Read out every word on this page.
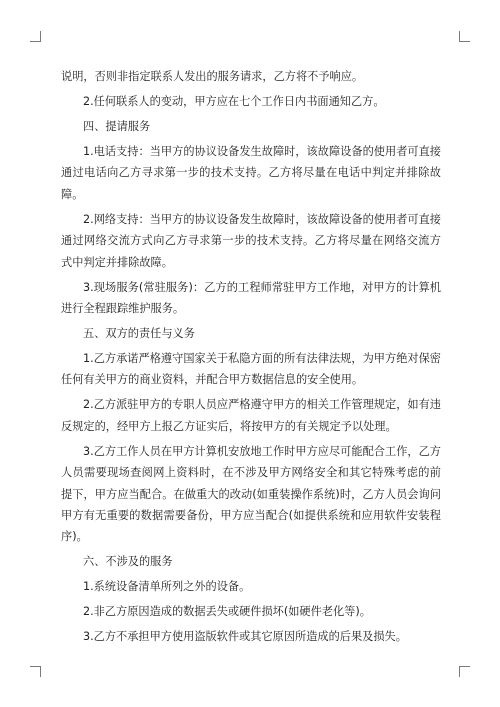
说明，否则非指定联系人发出的服务请求，乙方将不予响应。

2.任何联系人的变动，甲方应在七个工作日内书面通知乙方。

四、提请服务

1.电话支持：当甲方的协议设备发生故障时，该故障设备的使用者可直接通过电话向乙方寻求第一步的技术支持。乙方将尽量在电话中判定并排除故障。

2.网络支持：当甲方的协议设备发生故障时，该故障设备的使用者可直接通过网络交流方式向乙方寻求第一步的技术支持。乙方将尽量在网络交流方式中判定并排除故障。

3.现场服务(常驻服务)：乙方的工程师常驻甲方工作地，对甲方的计算机进行全程跟踪维护服务。

五、双方的责任与义务

1.乙方承诺严格遵守国家关于私隐方面的所有法律法规，为甲方绝对保密任何有关甲方的商业资料，并配合甲方数据信息的安全使用。

2.乙方派驻甲方的专职人员应严格遵守甲方的相关工作管理规定，如有违反规定的，经甲方上报乙方证实后，将按甲方的有关规定予以处理。

3.乙方工作人员在甲方计算机安放地工作时甲方应尽可能配合工作，乙方人员需要现场查阅网上资料时，在不涉及甲方网络安全和其它特殊考虑的前提下，甲方应当配合。在做重大的改动(如重装操作系统)时，乙方人员会询问甲方有无重要的数据需要备份，甲方应当配合(如提供系统和应用软件安装程序)。

六、不涉及的服务

1.系统设备清单所列之外的设备。

2.非乙方原因造成的数据丢失或硬件损坏(如硬件老化等)。

3.乙方不承担甲方使用盗版软件或其它原因所造成的后果及损失。
